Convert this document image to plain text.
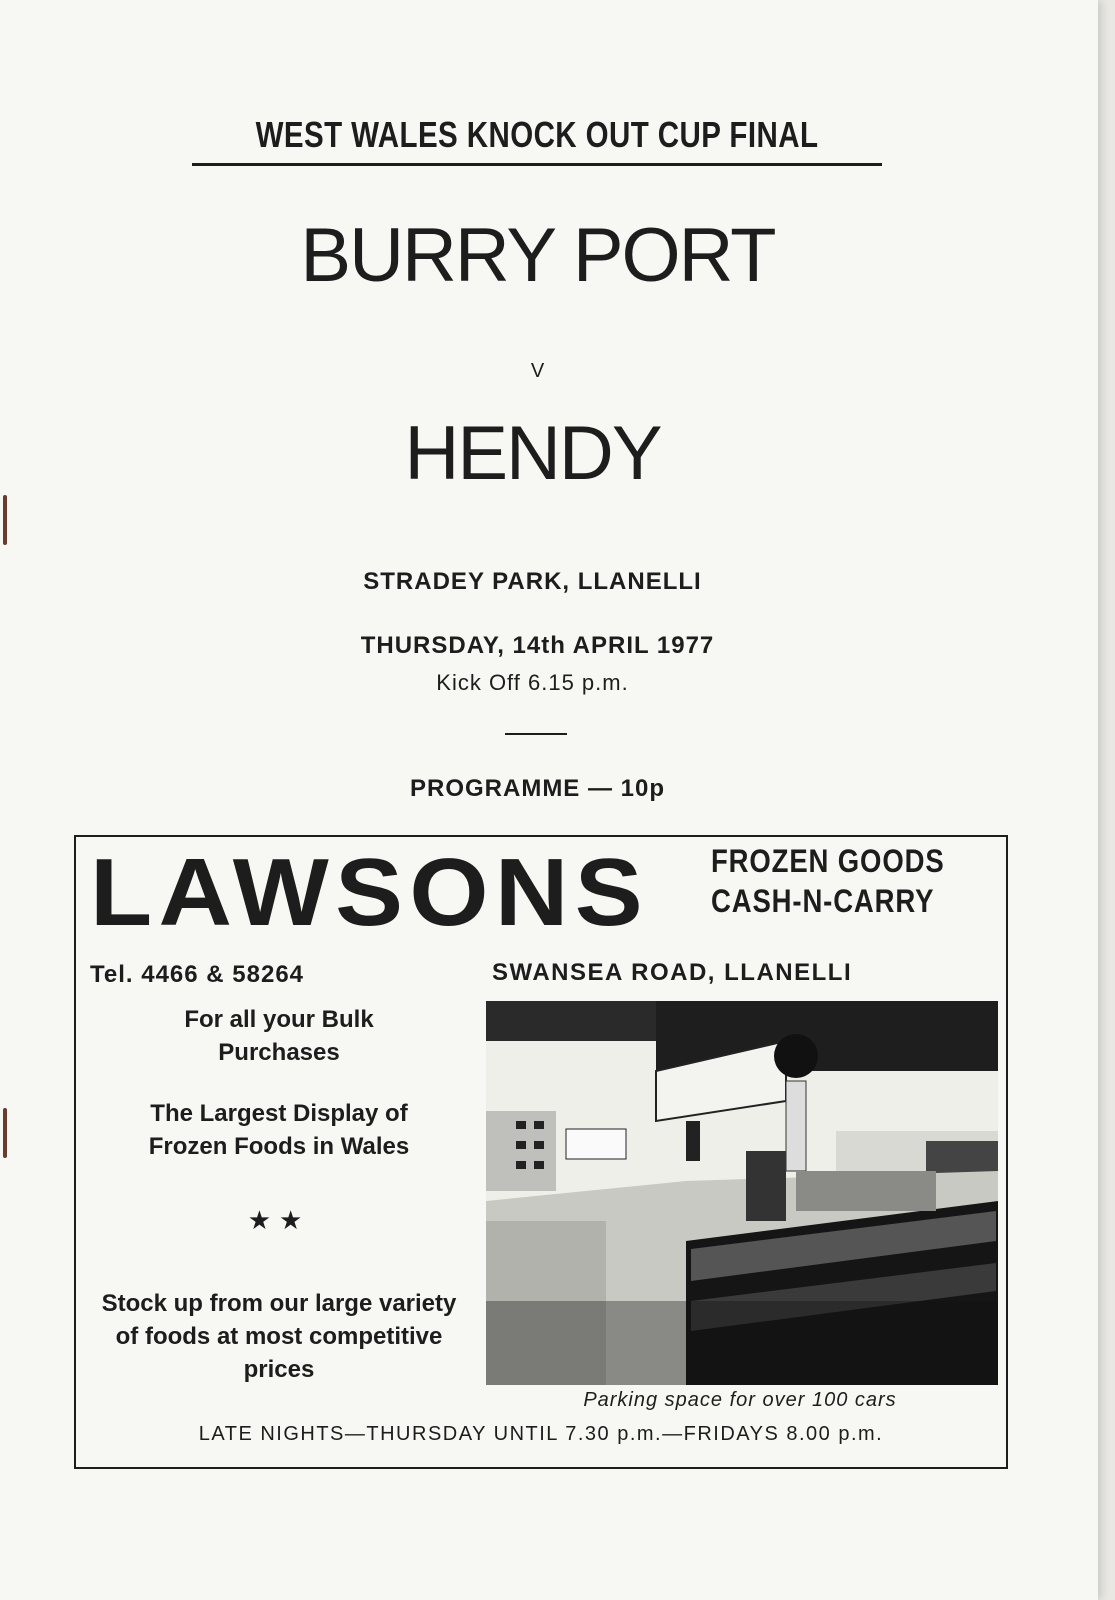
WEST WALES KNOCK OUT CUP FINAL
BURRY PORT
V
HENDY
STRADEY PARK, LLANELLI
THURSDAY, 14th APRIL 1977
Kick Off 6.15 p.m.
PROGRAMME — 10p
LAWSONS FROZEN GOODS
CASH-N-CARRY
Tel. 4466 & 58264	SWANSEA ROAD, LLANELLI
For all your Bulk Purchases
The Largest Display of Frozen Foods in Wales
★★
Stock up from our large variety of foods at most competitive prices
Parking space for over 100 cars
LATE NIGHTS—THURSDAY UNTIL 7.30 p.m.—FRIDAYS 8.00 p.m.
